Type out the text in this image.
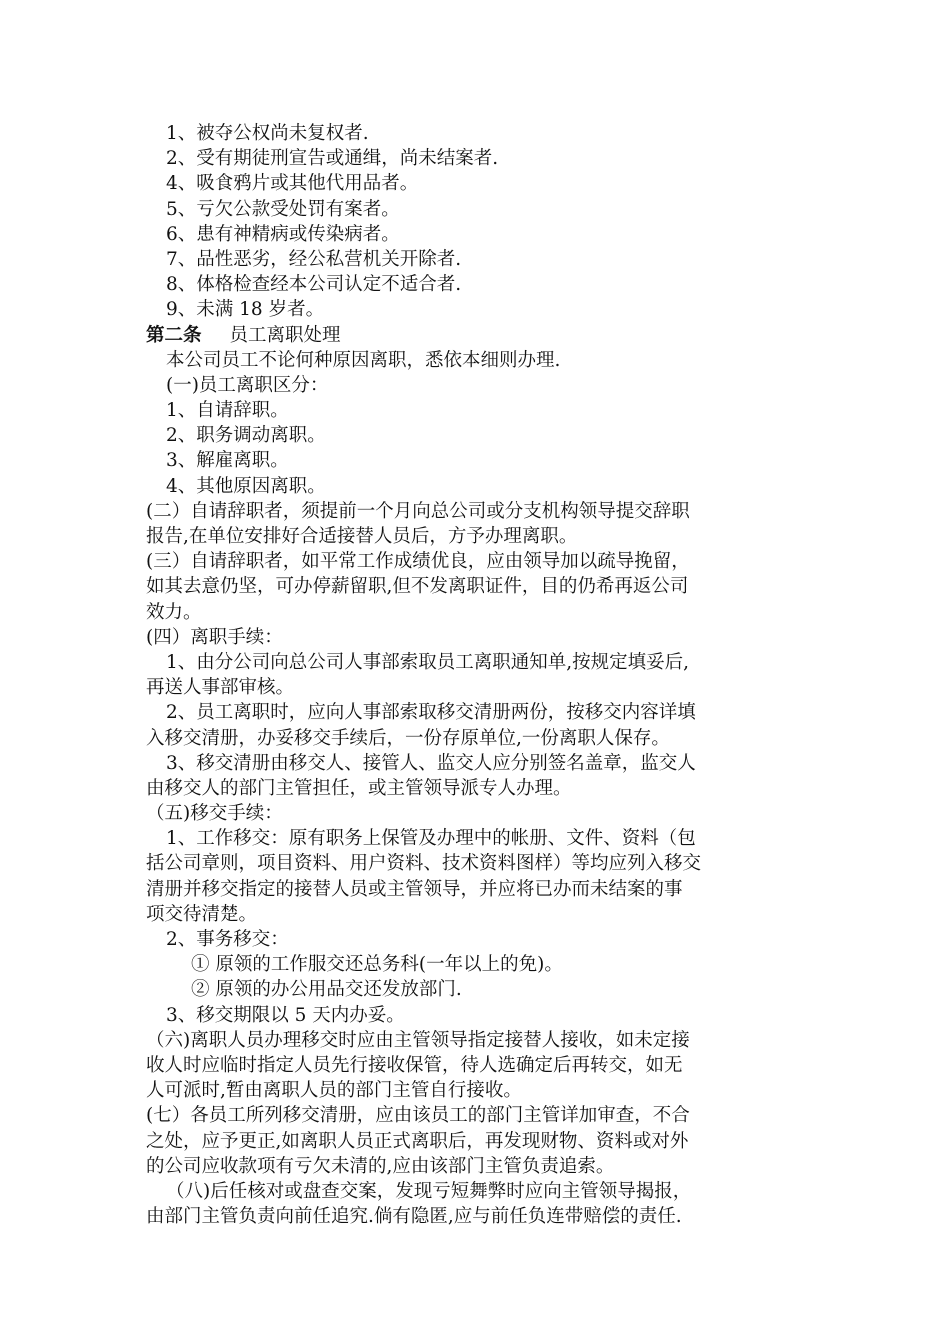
1、被夺公权尚未复权者.
2、受有期徒刑宣告或通缉，尚未结案者.
4、吸食鸦片或其他代用品者。
5、亏欠公款受处罚有案者。
6、患有神精病或传染病者。
7、品性恶劣，经公私营机关开除者.
8、体格检查经本公司认定不适合者.
9、未满 18 岁者。
第二条 员工离职处理
本公司员工不论何种原因离职，悉依本细则办理.
(一)员工离职区分：
1、自请辞职。
2、职务调动离职。
3、解雇离职。
4、其他原因离职。
(二）自请辞职者，须提前一个月向总公司或分支机构领导提交辞职
报告,在单位安排好合适接替人员后，方予办理离职。
(三）自请辞职者，如平常工作成绩优良，应由领导加以疏导挽留，
如其去意仍坚，可办停薪留职,但不发离职证件，目的仍希再返公司
效力。
(四）离职手续：
1、由分公司向总公司人事部索取员工离职通知单,按规定填妥后,
再送人事部审核。
2、员工离职时，应向人事部索取移交清册两份，按移交内容详填
入移交清册，办妥移交手续后，一份存原单位,一份离职人保存。
3、移交清册由移交人、接管人、监交人应分别签名盖章，监交人
由移交人的部门主管担任，或主管领导派专人办理。
（五)移交手续：
1、工作移交：原有职务上保管及办理中的帐册、文件、资料（包
括公司章则，项目资料、用户资料、技术资料图样）等均应列入移交
清册并移交指定的接替人员或主管领导，并应将已办而未结案的事
项交待清楚。
2、事务移交：
① 原领的工作服交还总务科(一年以上的免)。
② 原领的办公用品交还发放部门.
3、移交期限以 5 天内办妥。
（六)离职人员办理移交时应由主管领导指定接替人接收，如未定接
收人时应临时指定人员先行接收保管，待人选确定后再转交，如无
人可派时,暂由离职人员的部门主管自行接收。
(七）各员工所列移交清册，应由该员工的部门主管详加审查，不合
之处，应予更正,如离职人员正式离职后，再发现财物、资料或对外
的公司应收款项有亏欠未清的,应由该部门主管负责追索。
（八)后任核对或盘查交案，发现亏短舞弊时应向主管领导揭报，
由部门主管负责向前任追究.倘有隐匿,应与前任负连带赔偿的责任.
